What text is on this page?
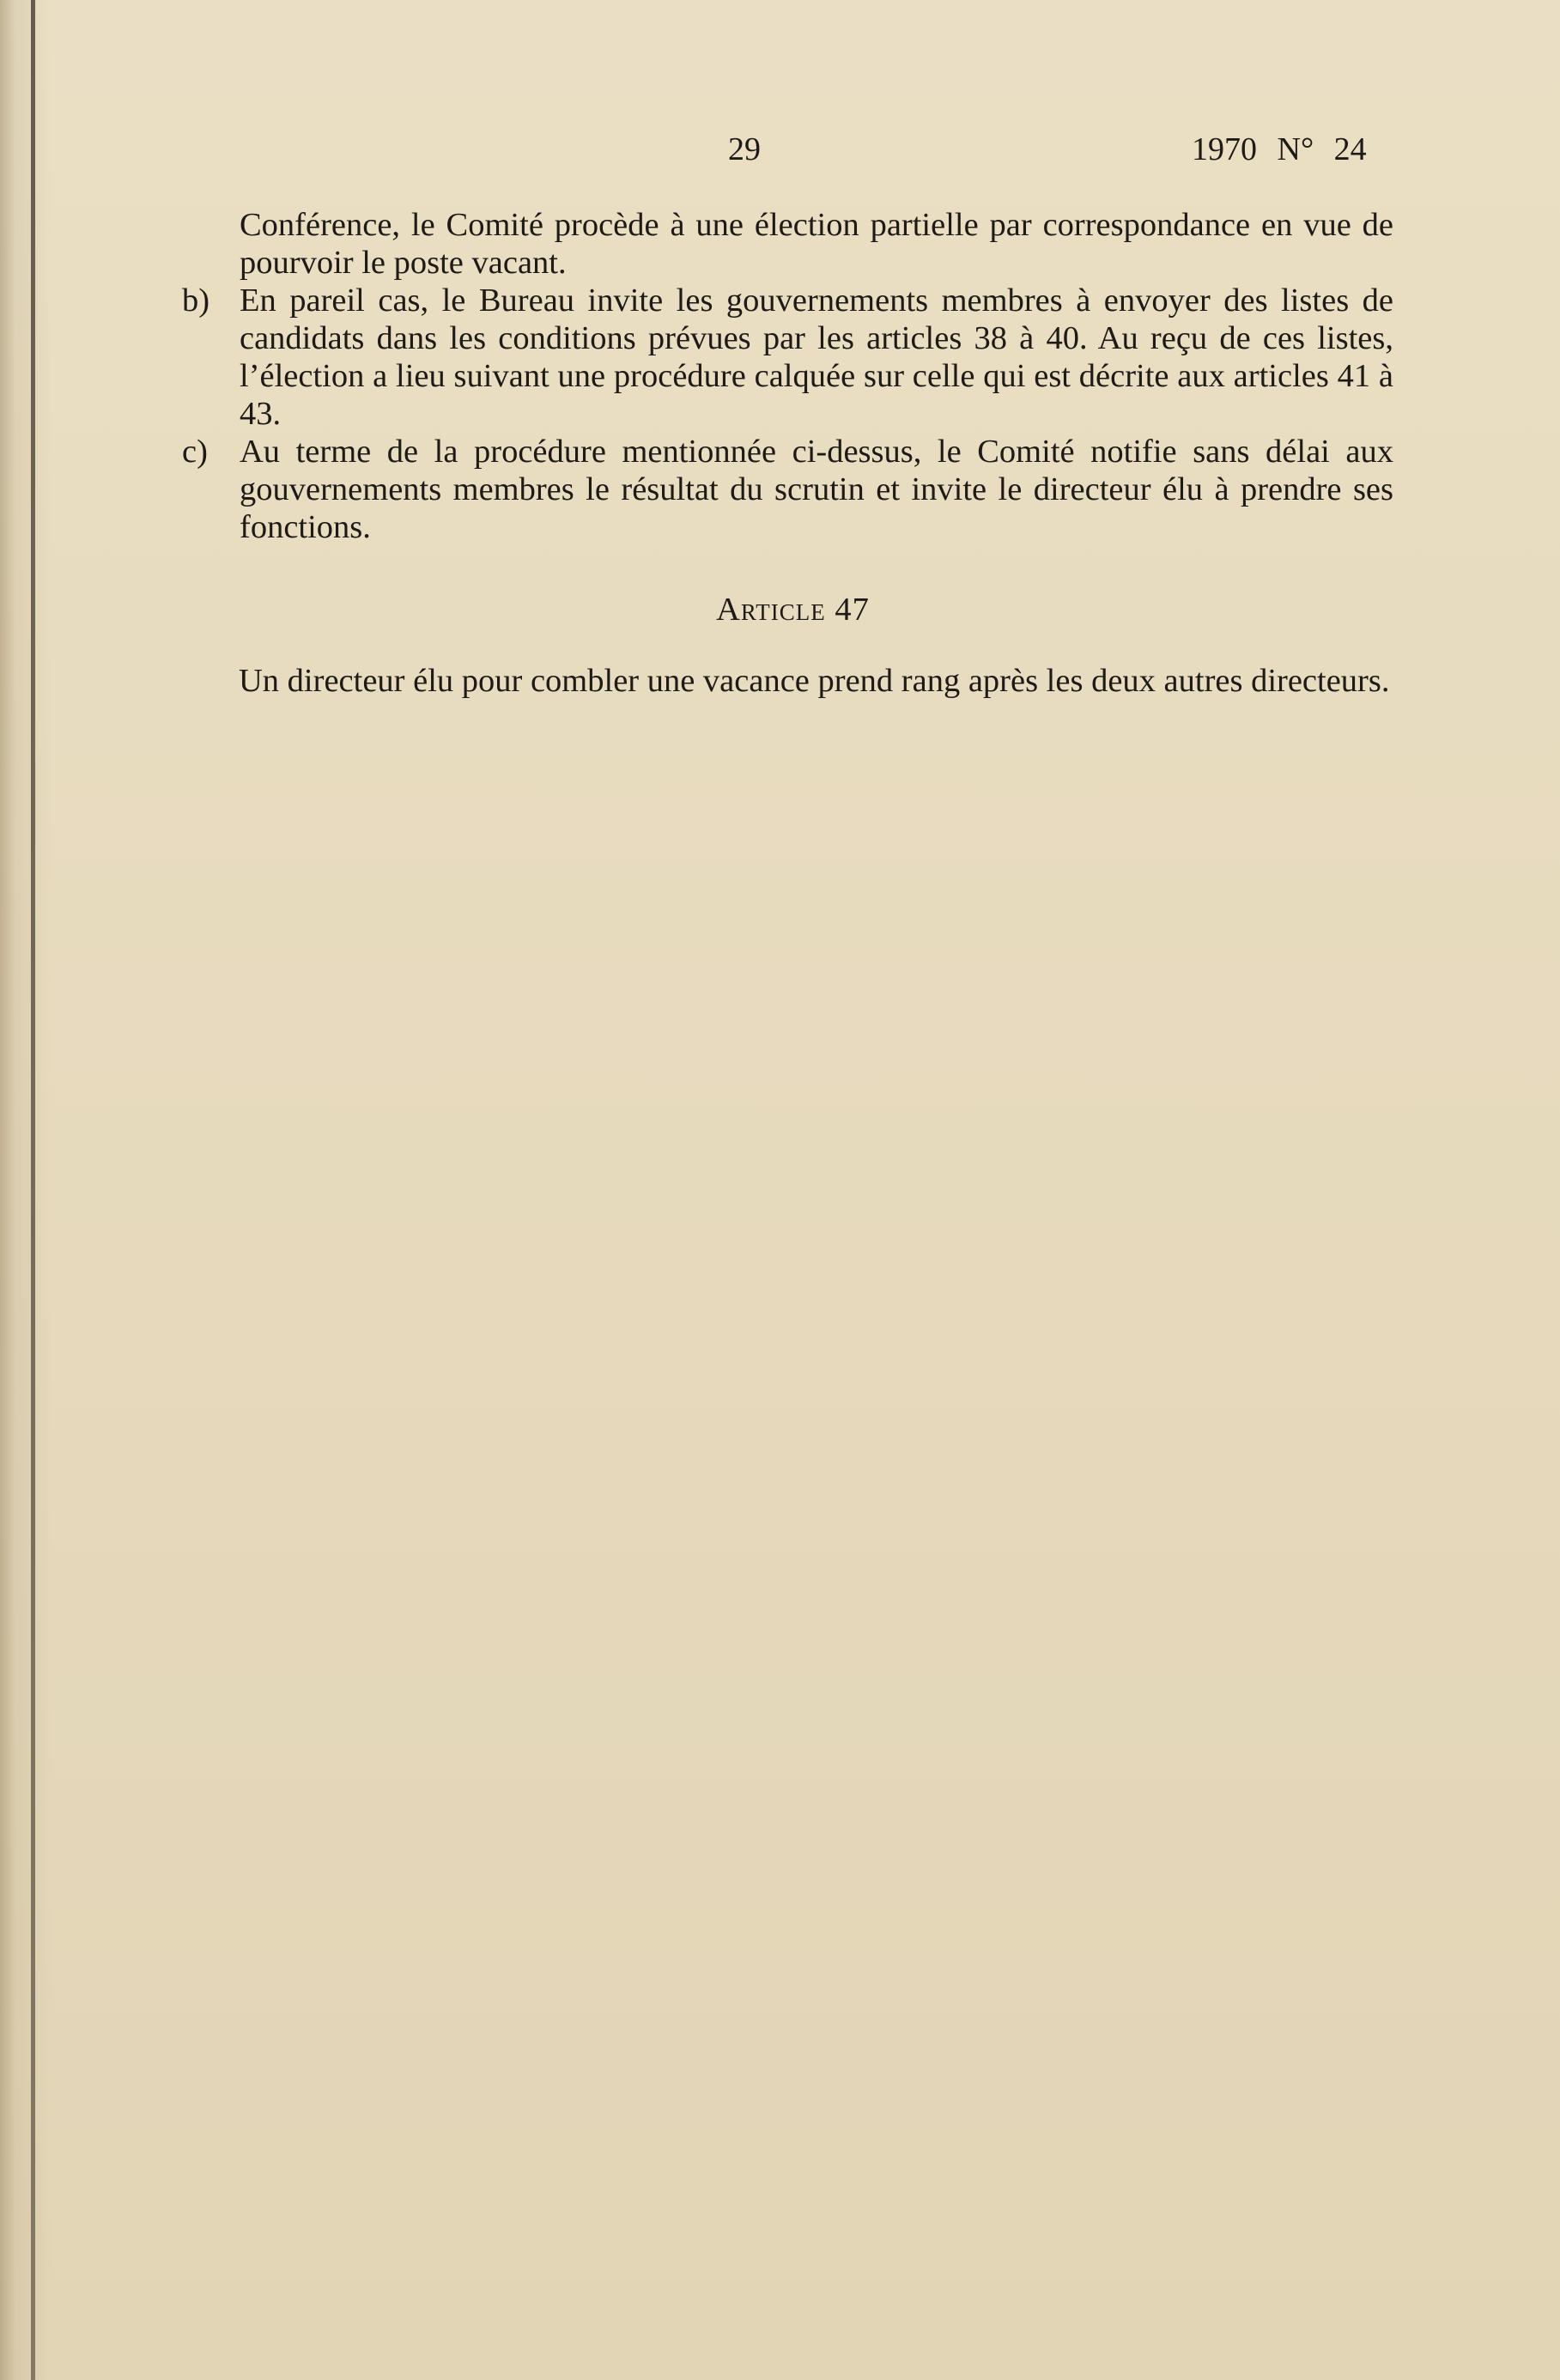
29	1970 N° 24

Conférence, le Comité procède à une élection partielle par correspondance en vue de pourvoir le poste vacant.

b) En pareil cas, le Bureau invite les gouvernements membres à envoyer des listes de candidats dans les conditions prévues par les articles 38 à 40. Au reçu de ces listes, l’élection a lieu suivant une procédure calquée sur celle qui est décrite aux articles 41 à 43.

c) Au terme de la procédure mentionnée ci-dessus, le Comité notifie sans délai aux gouvernements membres le résultat du scrutin et invite le directeur élu à prendre ses fonctions.

Article 47

Un directeur élu pour combler une vacance prend rang après les deux autres directeurs.
